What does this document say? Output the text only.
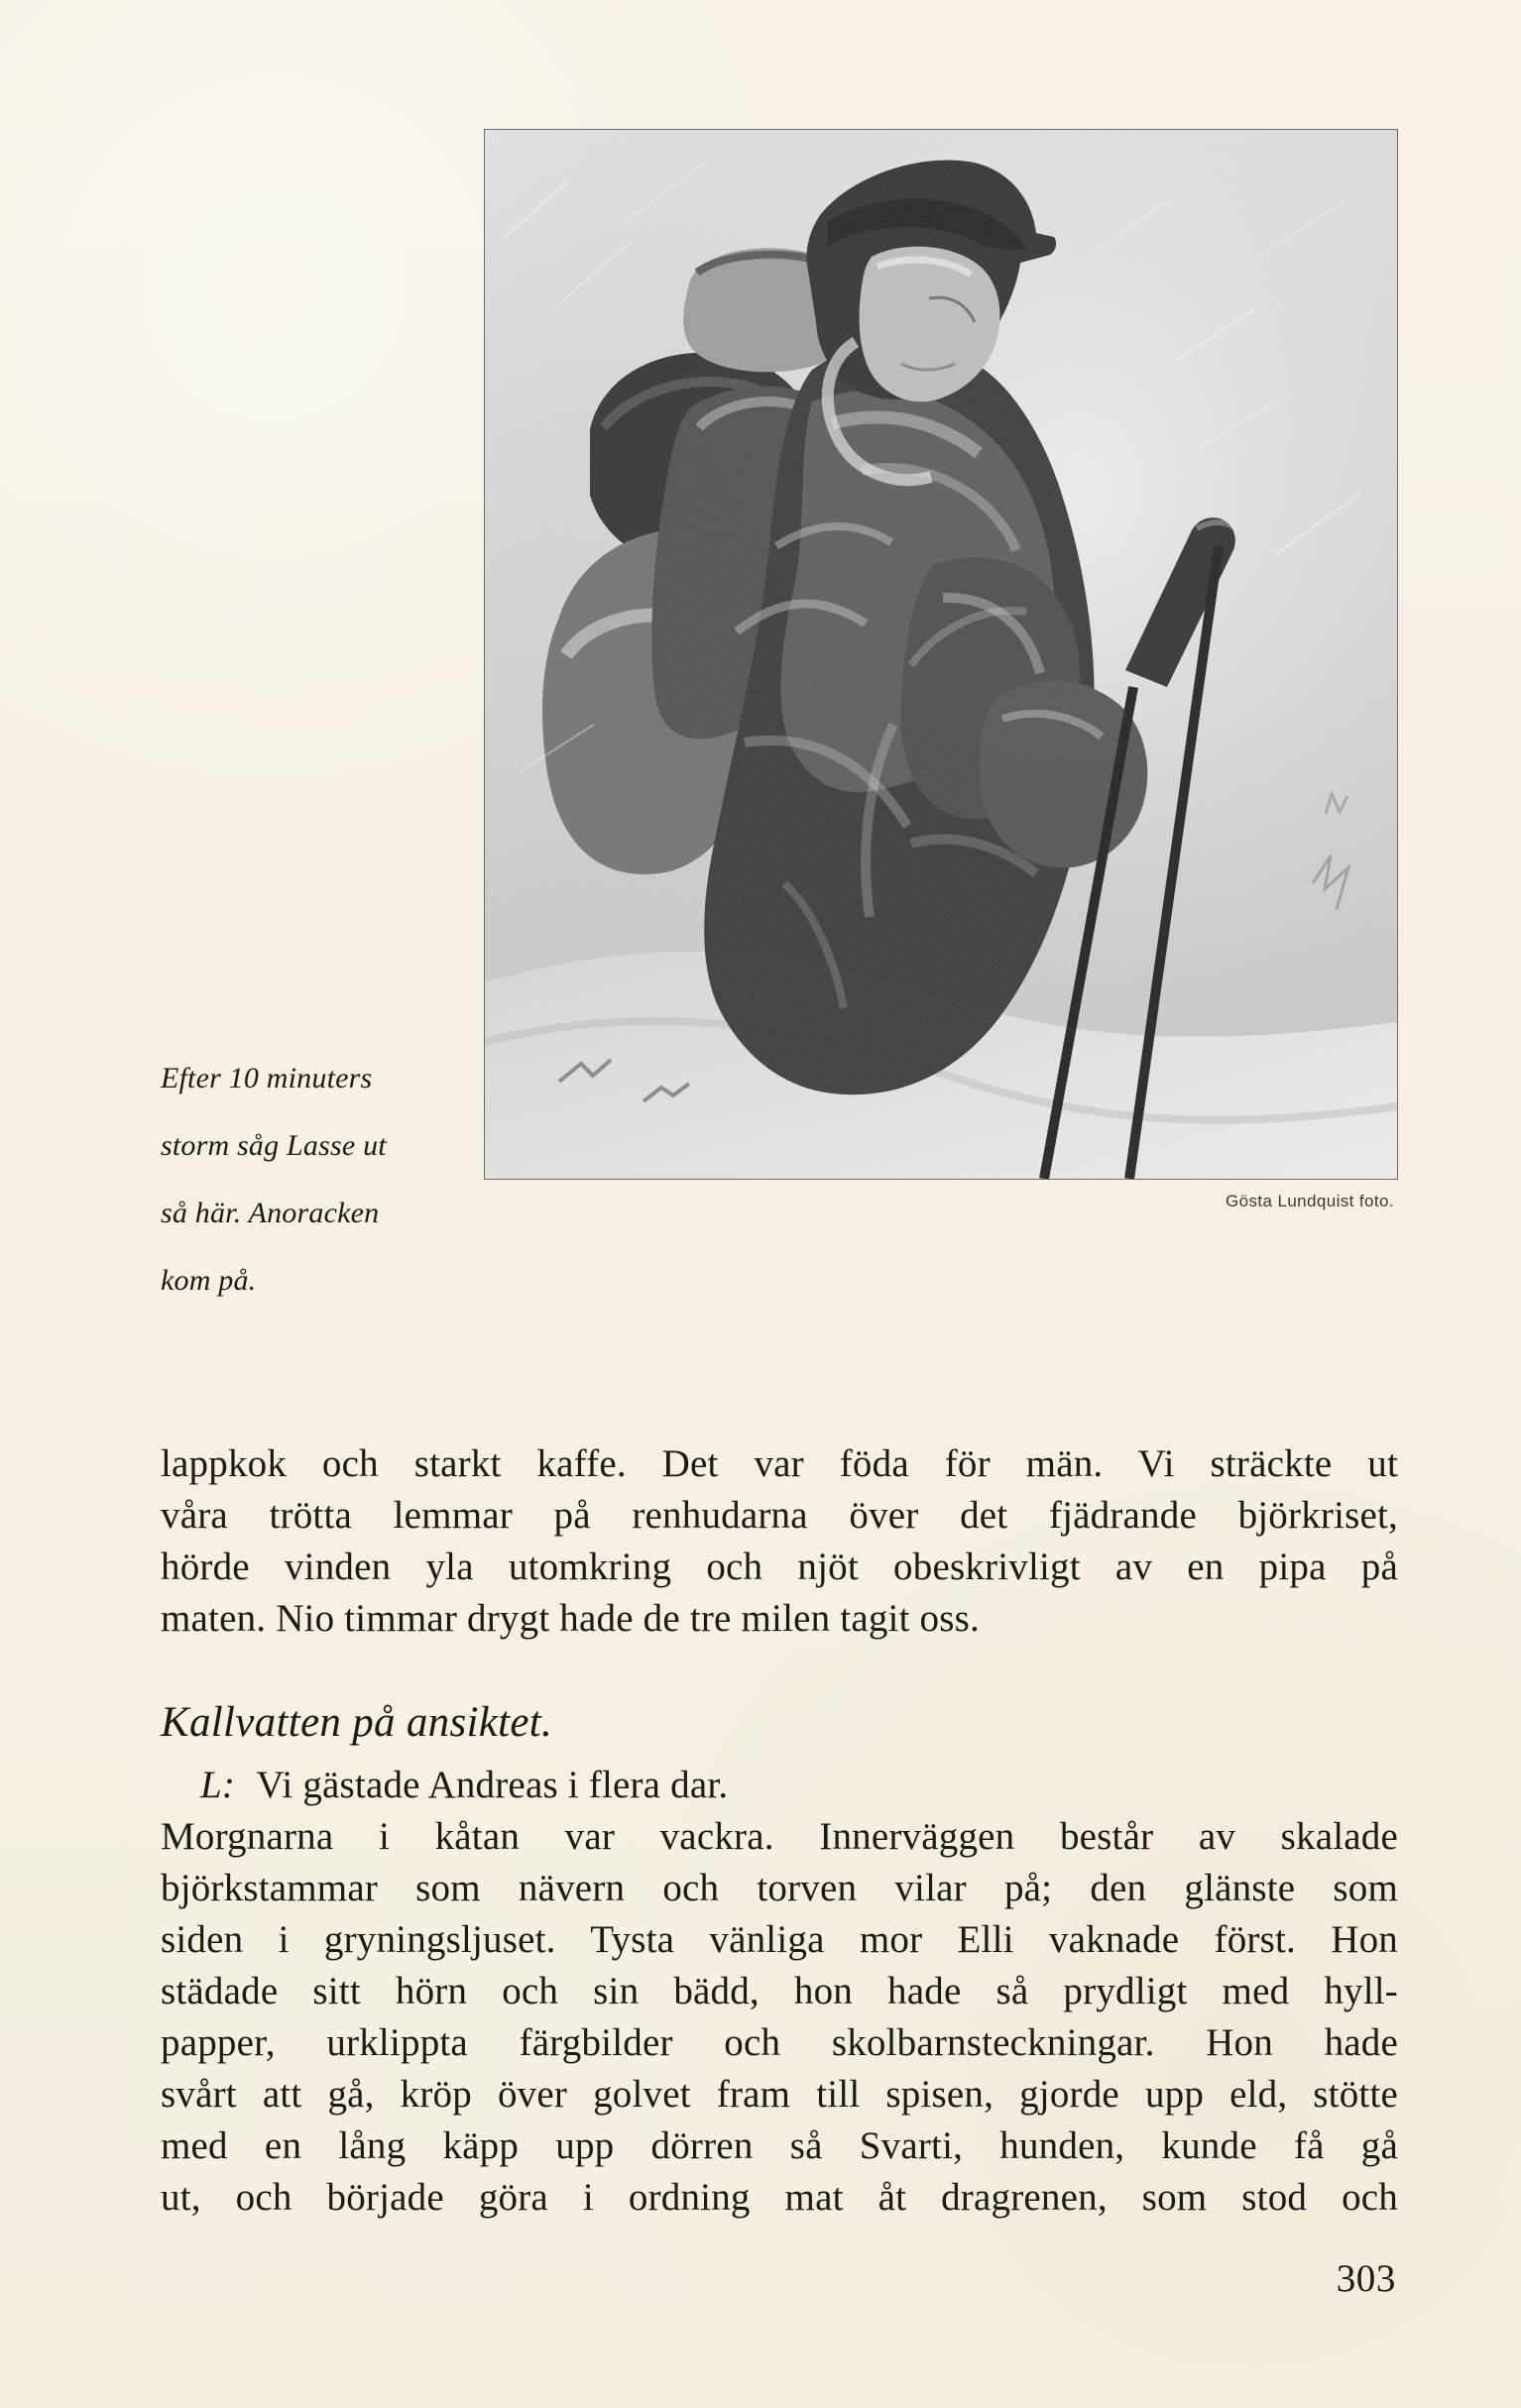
Efter 10 minuters

storm såg Lasse ut

så här. Anoracken

kom på.

Gösta Lundquist foto.
lappkok och starkt kaffe. Det var föda för män. Vi sträckte ut
våra trötta lemmar på renhudarna över det fjädrande björkriset,
hörde vinden yla utomkring och njöt obeskrivligt av en pipa på
maten. Nio timmar drygt hade de tre milen tagit oss.
Kallvatten på ansiktet.
L: Vi gästade Andreas i flera dar.
Morgnarna i kåtan var vackra. Innerväggen består av skalade
björkstammar som nävern och torven vilar på; den glänste som
siden i gryningsljuset. Tysta vänliga mor Elli vaknade först. Hon
städade sitt hörn och sin bädd, hon hade så prydligt med hyll-
papper, urklippta färgbilder och skolbarnsteckningar. Hon hade
svårt att gå, kröp över golvet fram till spisen, gjorde upp eld, stötte
med en lång käpp upp dörren så Svarti, hunden, kunde få gå
ut, och började göra i ordning mat åt dragrenen, som stod och
303
